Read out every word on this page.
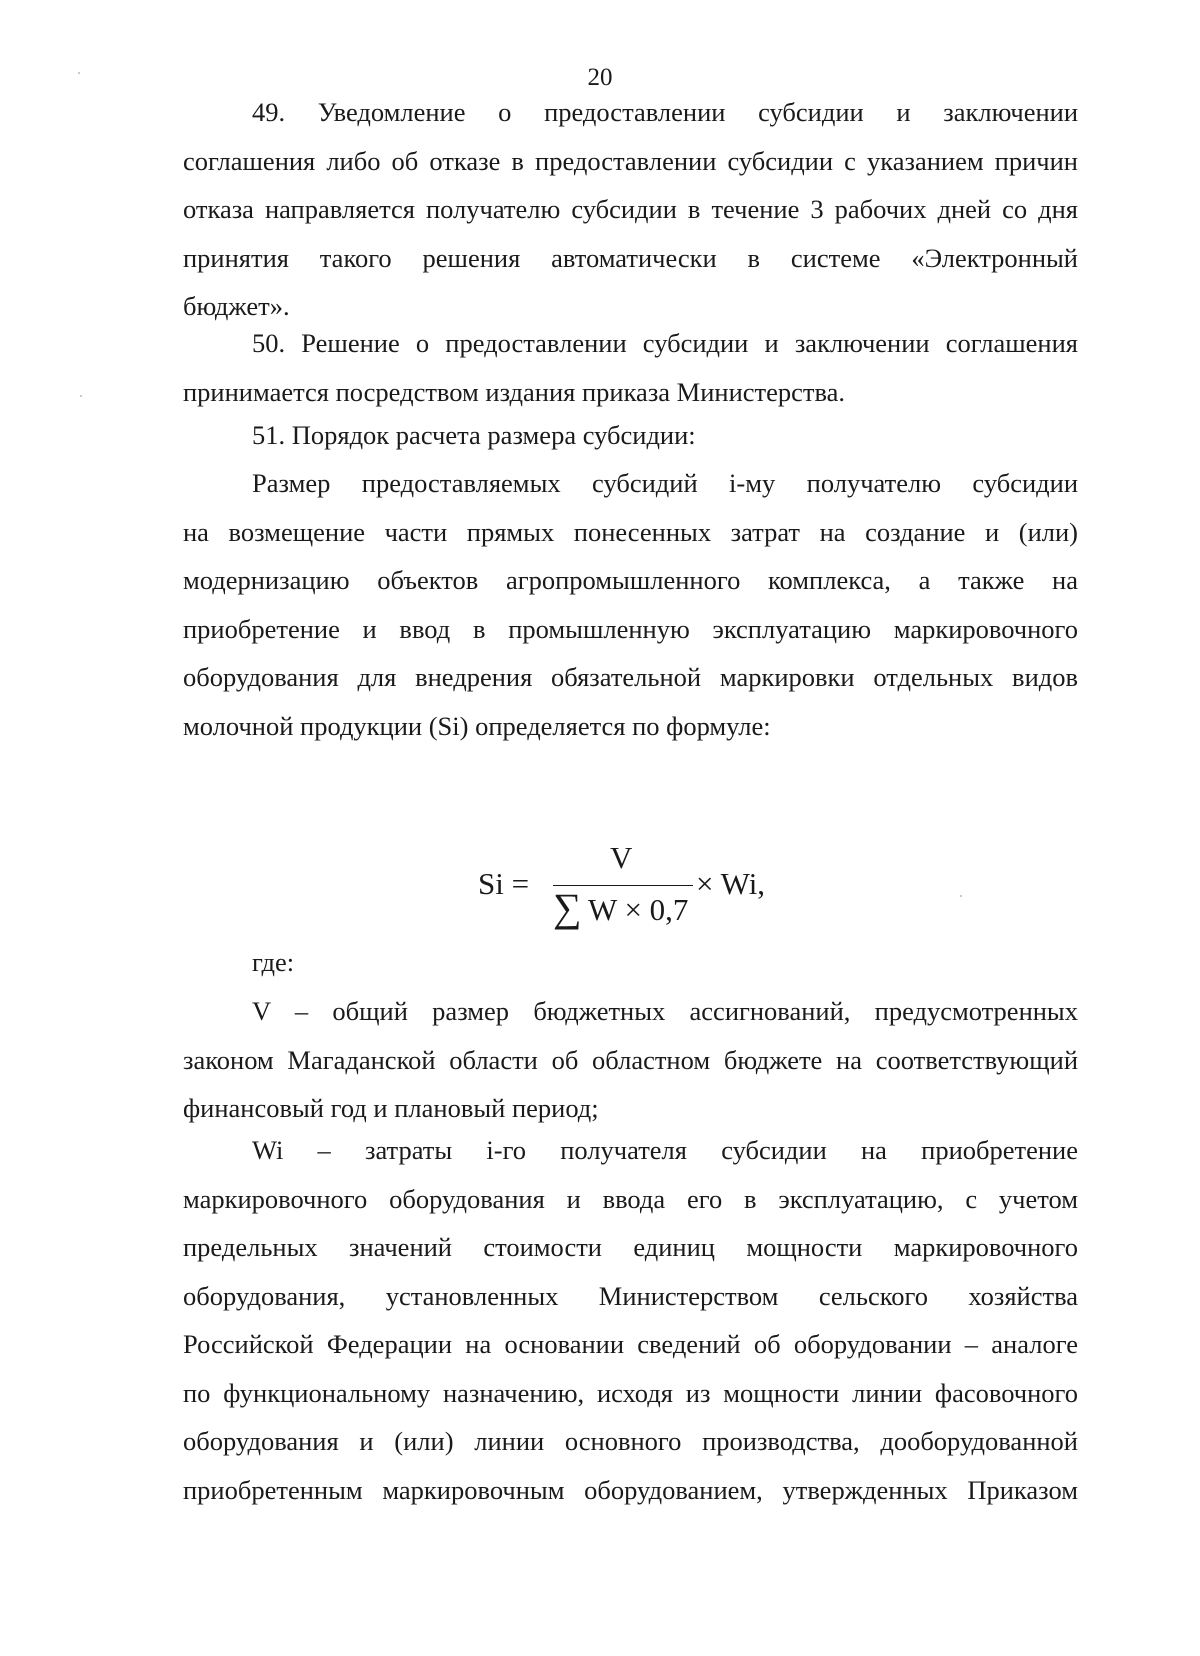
20
49. Уведомление о предоставлении субсидии и заключении
соглашения либо об отказе в предоставлении субсидии с указанием причин
отказа направляется получателю субсидии в течение 3 рабочих дней со дня
принятия такого решения автоматически в системе «Электронный
бюджет».
50. Решение о предоставлении субсидии и заключении соглашения
принимается посредством издания приказа Министерства.
51. Порядок расчета размера субсидии:
Размер предоставляемых субсидий i-му получателю субсидии
на возмещение части прямых понесенных затрат на создание и (или)
модернизацию объектов агропромышленного комплекса, а также на
приобретение и ввод в промышленную эксплуатацию маркировочного
оборудования для внедрения обязательной маркировки отдельных видов
молочной продукции (Si) определяется по формуле:
Si =
V
∑ W × 0,7
× Wi,
где:
V – общий размер бюджетных ассигнований, предусмотренных
законом Магаданской области об областном бюджете на соответствующий
финансовый год и плановый период;
Wi – затраты i-го получателя субсидии на приобретение
маркировочного оборудования и ввода его в эксплуатацию, с учетом
предельных значений стоимости единиц мощности маркировочного
оборудования, установленных Министерством сельского хозяйства
Российской Федерации на основании сведений об оборудовании – аналоге
по функциональному назначению, исходя из мощности линии фасовочного
оборудования и (или) линии основного производства, дооборудованной
приобретенным маркировочным оборудованием, утвержденных Приказом
